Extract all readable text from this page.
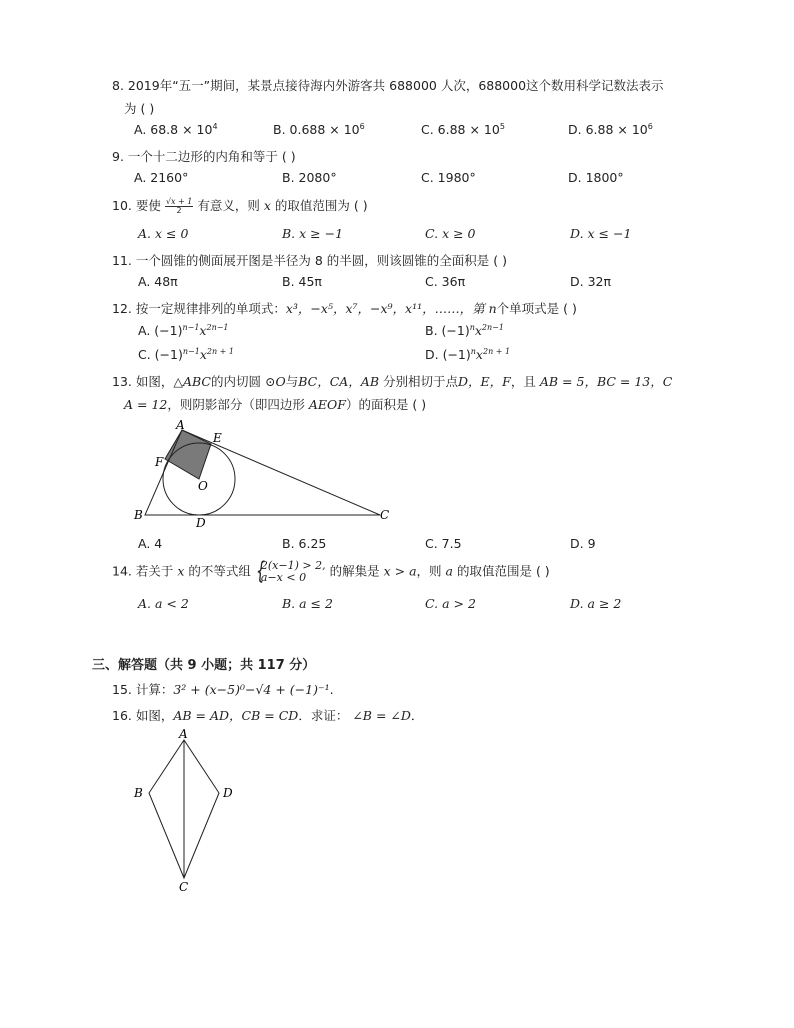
8. 2019年“五一”期间，某景点接待海内外游客共 688000 人次，688000这个数用科学记数法表示
为 ( )
A. $68.8 \times 10^4$	B. $0.688 \times 10^6$	C. $6.88 \times 10^5$	D. $6.88 \times 10^6$
9. 一个十二边形的内角和等于 ( )
A. 2160°	B. 2080°	C. 1980°	D. 1800°
10. 要使 $\frac{√x + 1}{2}$ 有意义，则 x 的取值范围为 ( )
A. x ≤ 0	B. x ≥ −1	C. x ≥ 0	D. x ≤ −1
11. 一个圆锥的侧面展开图是半径为 8 的半圆，则该圆锥的全面积是 ( )
A. 48π	B. 45π	C. 36π	D. 32π
12. 按一定规律排列的单项式：x³，−x⁵，x⁷，−x⁹，x¹¹，……，第 n个单项式是 ( )
A. $(-1)^{n-1}x^{2n-1}$	B. $(-1)^nx^{2n-1}$
C. $(-1)^{n-1}x^{2n + 1}$	D. $(-1)^nx^{2n + 1}$
13. 如图，△ABC的内切圆 ⊙O与BC，CA，AB 分别相切于点D，E，F，且 AB = 5，BC = 13，C
A = 12，则阴影部分（即四边形 AEOF）的面积是 ( )
A
B	C
D
E
F
O
A. 4	B. 6.25	C. 7.5	D. 9
14. 若关于 x 的不等式组
{ 2(x−1) > 2,
a−x < 0	的解集是 x > a，则 a 的取值范围是 ( )
A. a < 2	B. a ≤ 2	C. a > 2	D. a ≥ 2
三、解答题（共 9 小题；共 117 分）
15. 计算：3² + (x−5)⁰−√4 + (−1)⁻¹.
16. 如图，AB = AD，CB = CD．求证： ∠B = ∠D．
A
B
C
D
